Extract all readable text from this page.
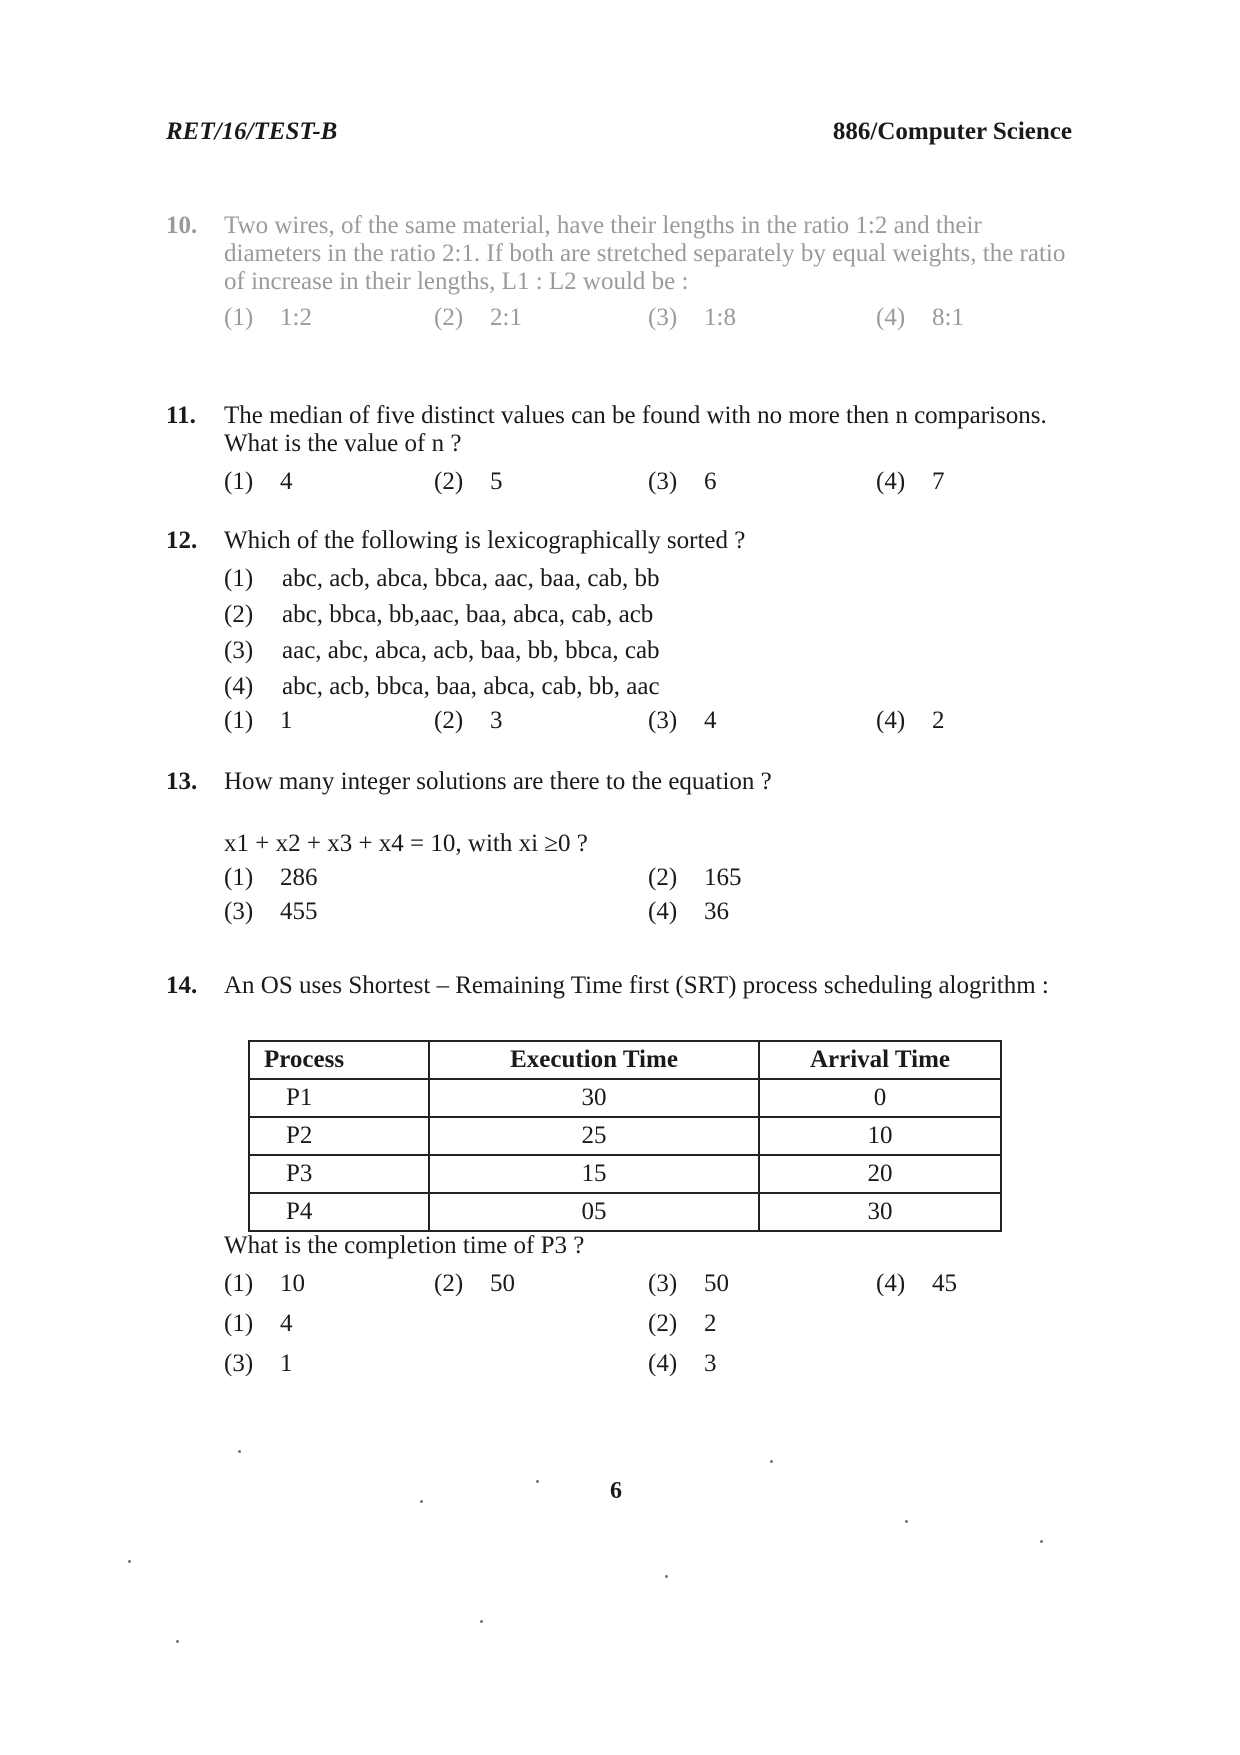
RET/16/TEST-B	886/Computer Science
10. Two wires, of the same material, have their lengths in the ratio 1:2 and their diameters in the ratio 2:1. If both are stretched separately by equal weights, the ratio of increase in their lengths, L1 : L2 would be :
(1) 1:2	(2) 2:1	(3) 1:8	(4) 8:1
11. The median of five distinct values can be found with no more then n comparisons. What is the value of n ?
(1) 4	(2) 5	(3) 6	(4) 7
12. Which of the following is lexicographically sorted ?
(1) abc, acb, abca, bbca, aac, baa, cab, bb
(2) abc, bbca, bb,aac, baa, abca, cab, acb
(3) aac, abc, abca, acb, baa, bb, bbca, cab
(4) abc, acb, bbca, baa, abca, cab, bb, aac
(1) 1	(2) 3	(3) 4	(4) 2
13. How many integer solutions are there to the equation ?
x1 + x2 + x3 + x4 = 10, with xi ≥0 ?
(1) 286	(2) 165
(3) 455	(4) 36
14. An OS uses Shortest – Remaining Time first (SRT) process scheduling alogrithm :
Process	Execution Time	Arrival Time
P1	30	0
P2	25	10
P3	15	20
P4	05	30
What is the completion time of P3 ?
(1) 10	(2) 50	(3) 50	(4) 45
(1) 4	(2) 2
(3) 1	(4) 3
6
